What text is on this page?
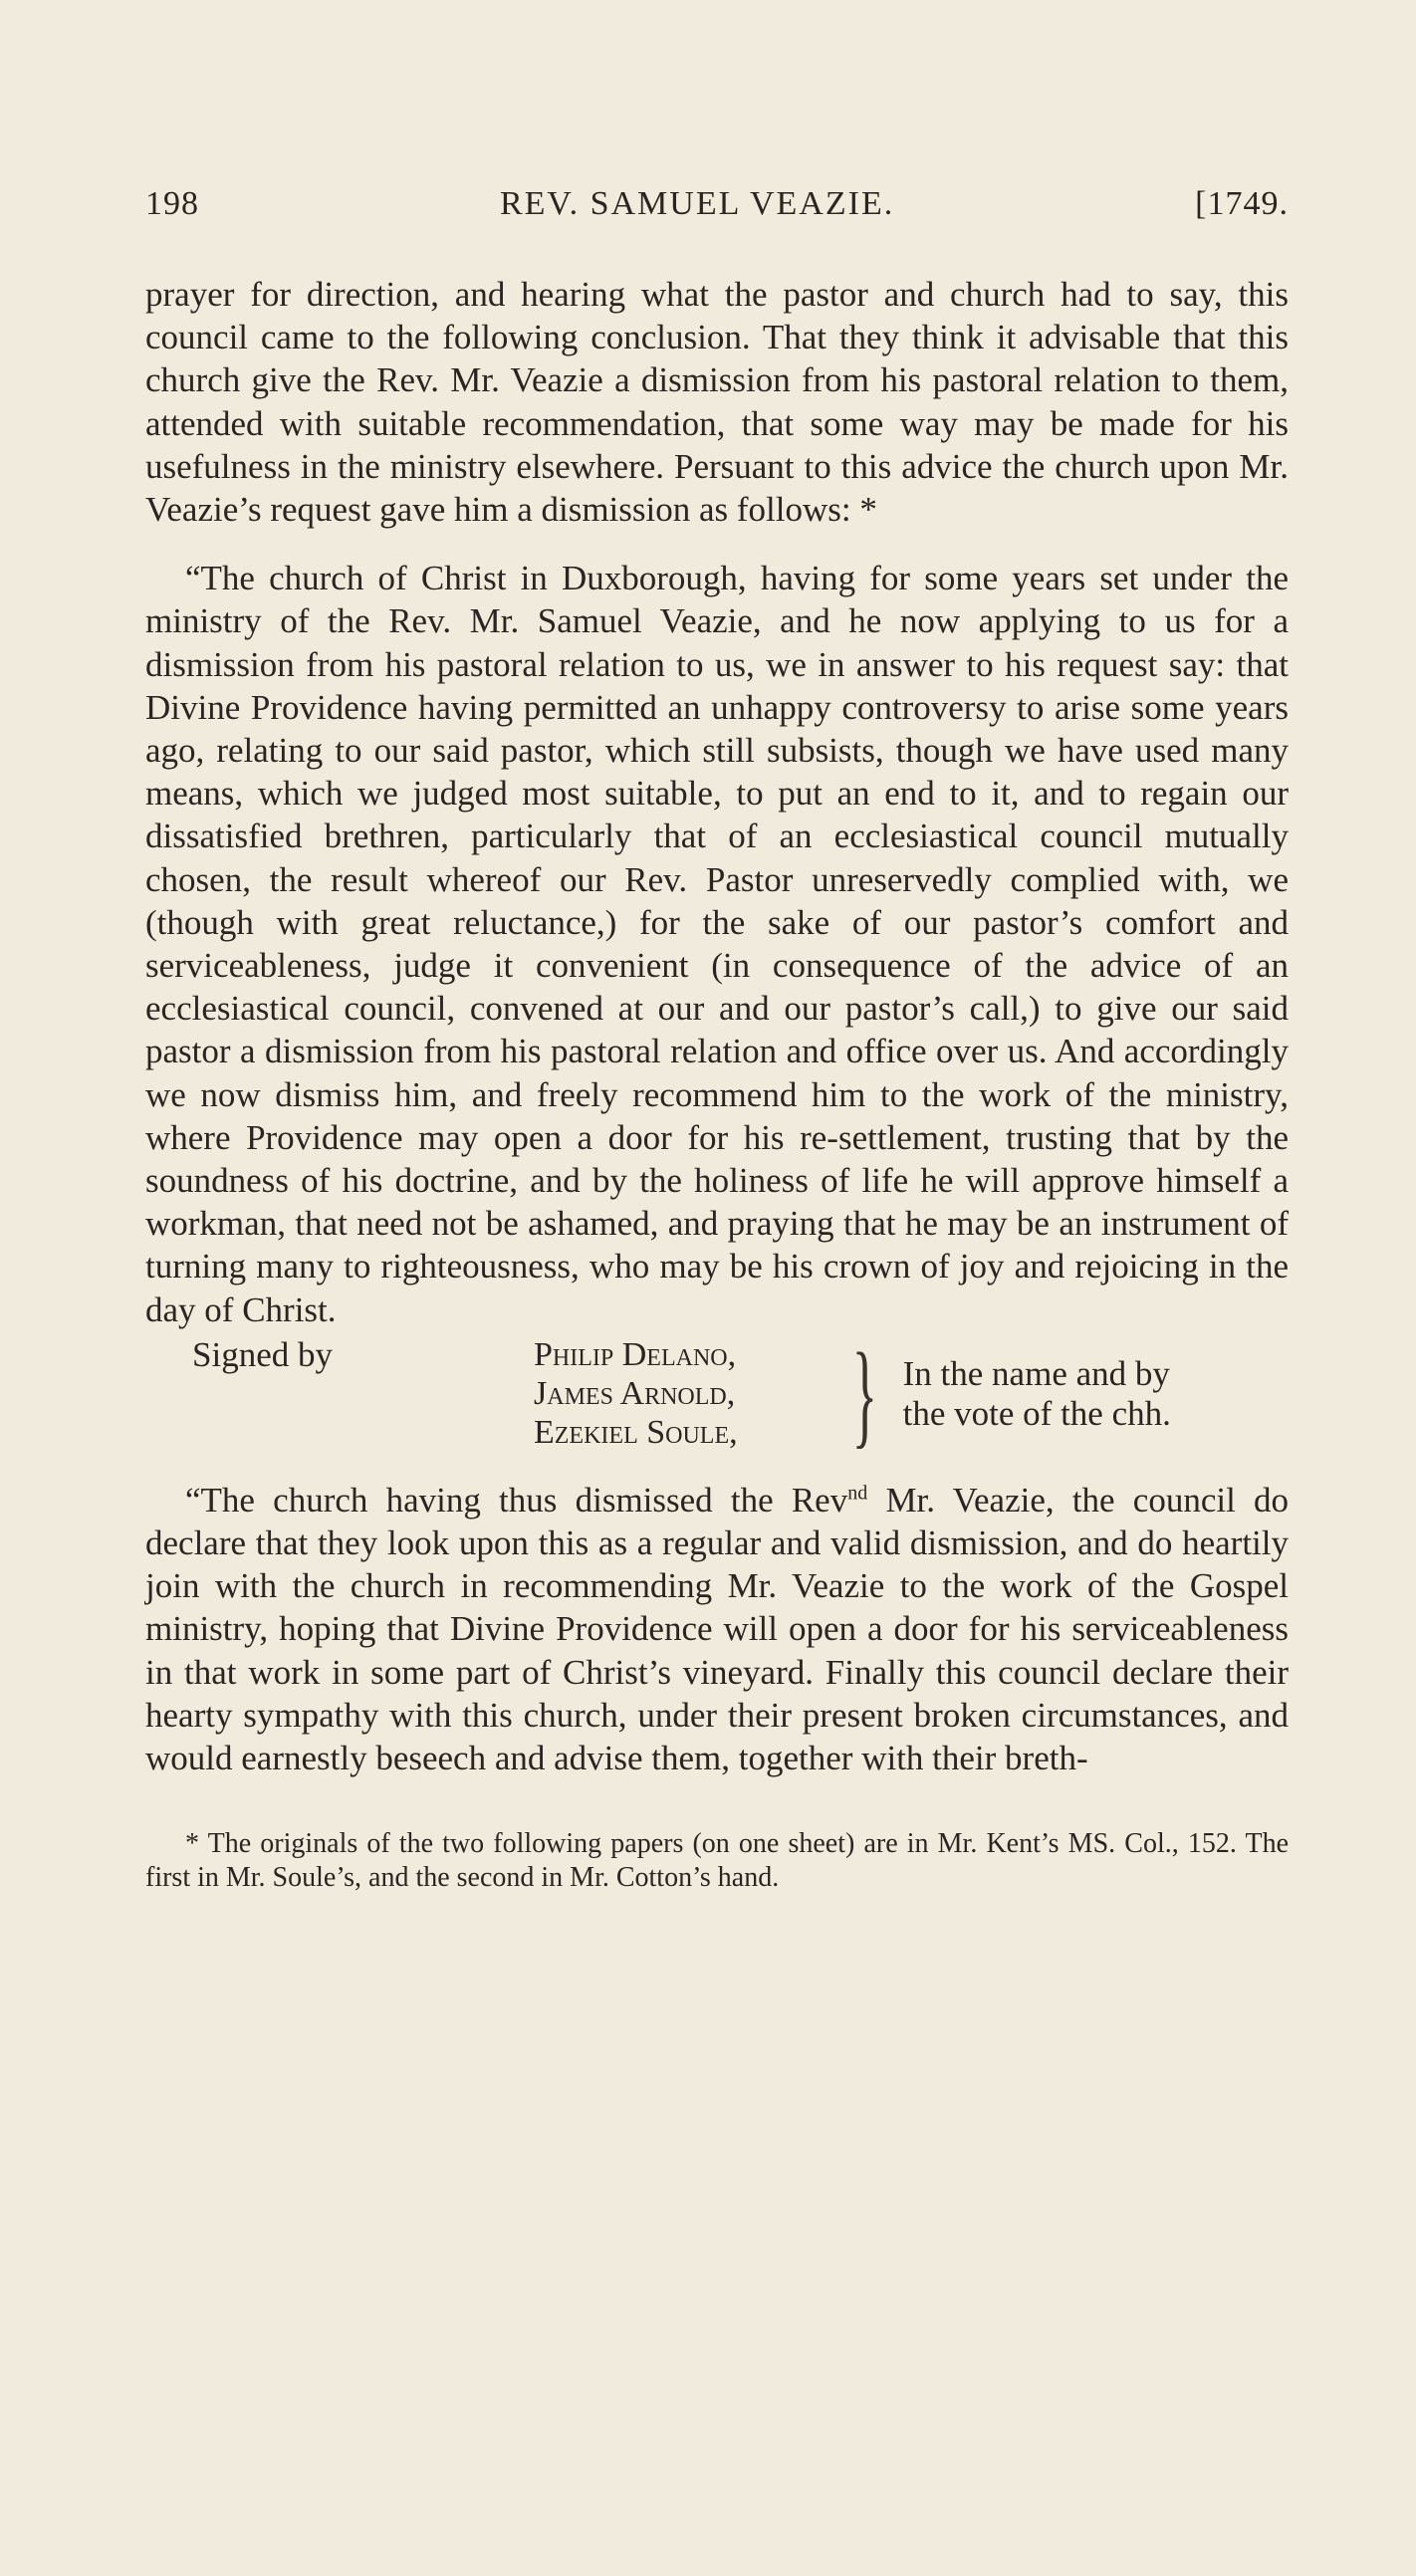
198	REV. SAMUEL VEAZIE.	[1749.

prayer for direction, and hearing what the pastor and church had to say, this council came to the following conclusion. That they think it advisable that this church give the Rev. Mr. Veazie a dismission from his pastoral relation to them, attended with suitable recommendation, that some way may be made for his usefulness in the ministry elsewhere. Persuant to this advice the church upon Mr. Veazie’s request gave him a dismission as follows: *

“The church of Christ in Duxborough, having for some years set under the ministry of the Rev. Mr. Samuel Veazie, and he now applying to us for a dismission from his pastoral relation to us, we in answer to his request say: that Divine Providence having permitted an unhappy controversy to arise some years ago, relating to our said pastor, which still subsists, though we have used many means, which we judged most suitable, to put an end to it, and to regain our dissatisfied brethren, particularly that of an ecclesiastical council mutually chosen, the result whereof our Rev. Pastor unreservedly complied with, we (though with great reluctance,) for the sake of our pastor’s comfort and serviceableness, judge it convenient (in consequence of the advice of an ecclesiastical council, convened at our and our pastor’s call,) to give our said pastor a dismission from his pastoral relation and office over us. And accordingly we now dismiss him, and freely recommend him to the work of the ministry, where Providence may open a door for his re-settlement, trusting that by the soundness of his doctrine, and by the holiness of life he will approve himself a workman, that need not be ashamed, and praying that he may be an instrument of turning many to righteousness, who may be his crown of joy and rejoicing in the day of Christ.

Signed by	Philip Delano,
James Arnold,
Ezekiel Soule, } In the name and by
the vote of the chh.

“The church having thus dismissed the Rev$^{nd}$ Mr. Veazie, the council do declare that they look upon this as a regular and valid dismission, and do heartily join with the church in recommending Mr. Veazie to the work of the Gospel ministry, hoping that Divine Providence will open a door for his serviceableness in that work in some part of Christ’s vineyard. Finally this council declare their hearty sympathy with this church, under their present broken circumstances, and would earnestly beseech and advise them, together with their breth-

* The originals of the two following papers (on one sheet) are in Mr. Kent’s MS. Col., 152. The first in Mr. Soule’s, and the second in Mr. Cotton’s hand.
